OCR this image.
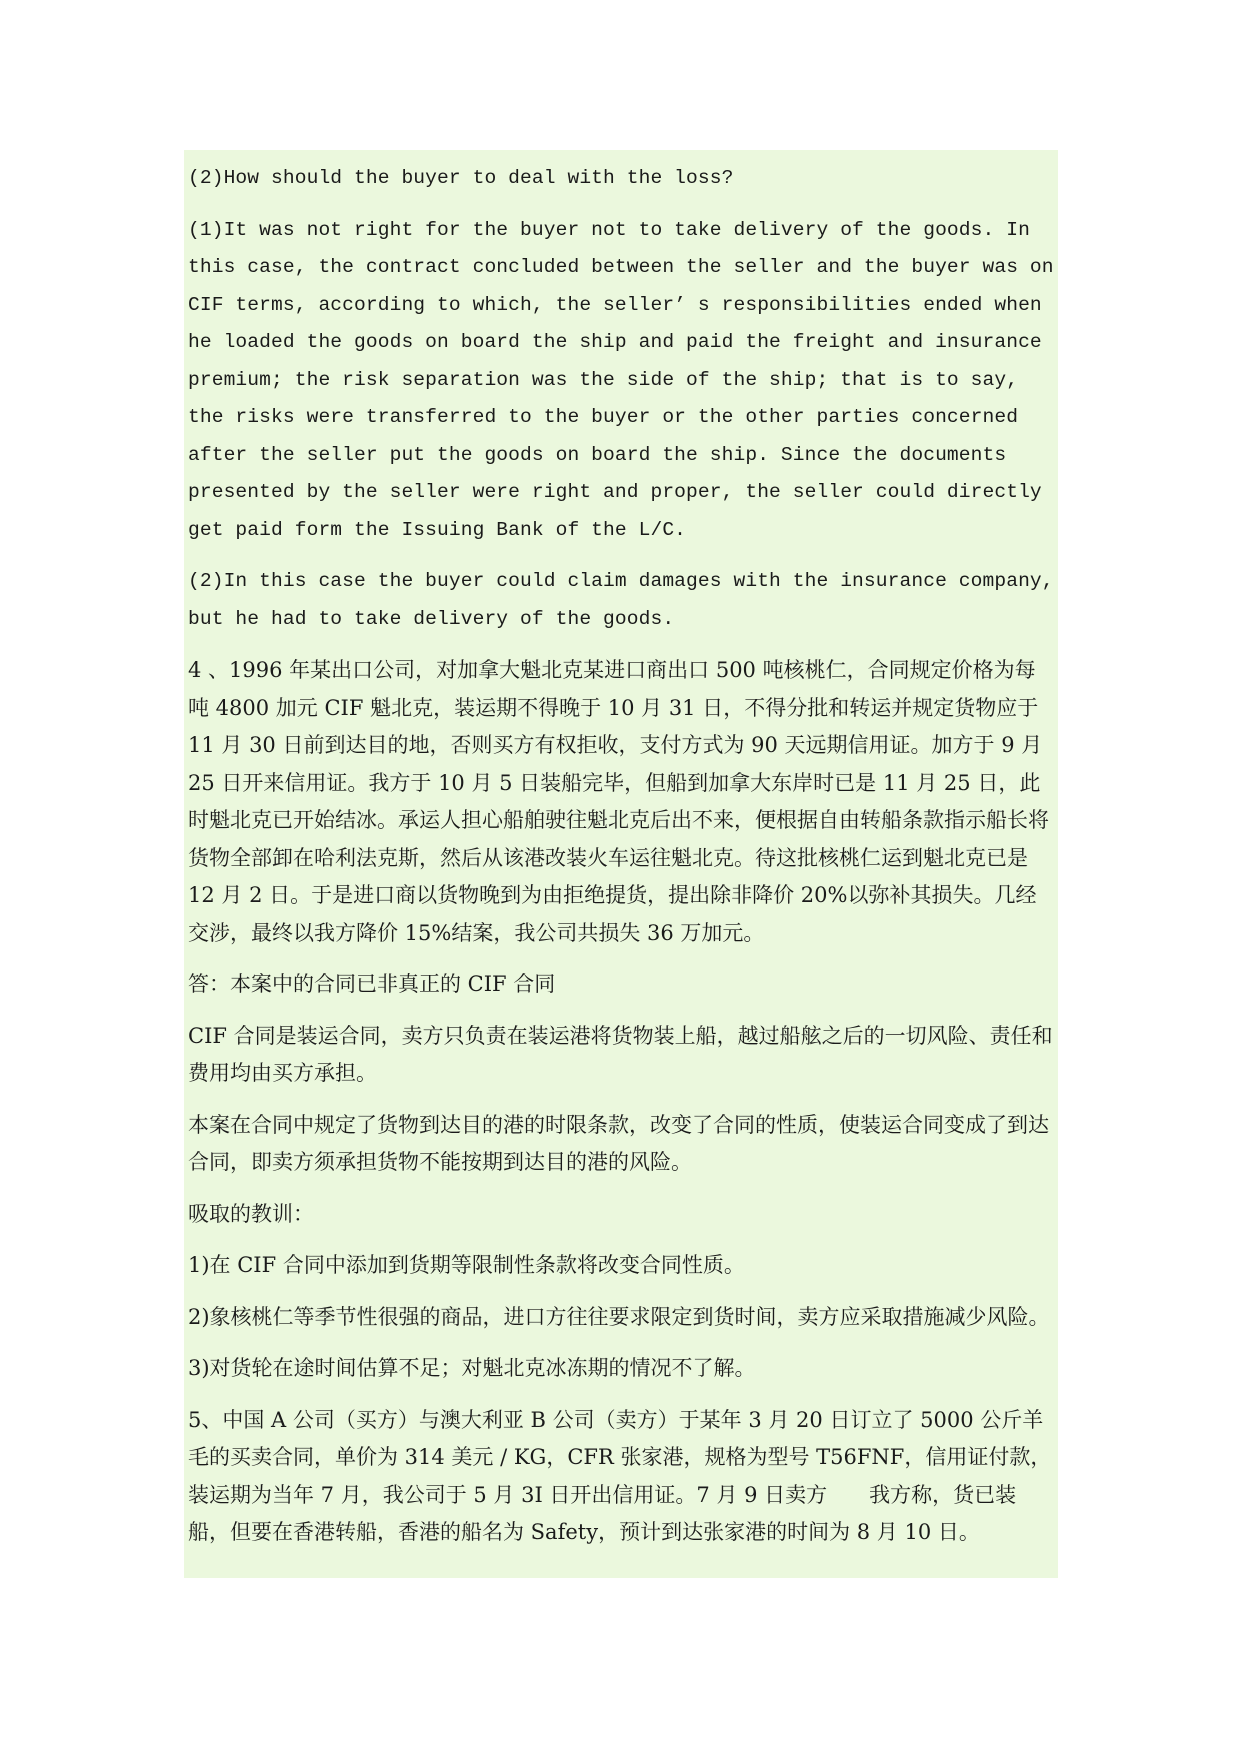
(2)How should the buyer to deal with the loss?

(1)It was not right for the buyer not to take delivery of the goods. In this case, the contract concluded between the seller and the buyer was on CIF terms, according to which, the seller’ s responsibilities ended when he loaded the goods on board the ship and paid the freight and insurance premium; the risk separation was the side of the ship; that is to say, the risks were transferred to the buyer or the other parties concerned after the seller put the goods on board the ship. Since the documents presented by the seller were right and proper, the seller could directly get paid form the Issuing Bank of the L/C.

(2)In this case the buyer could claim damages with the insurance company, but he had to take delivery of the goods.

4 、1996 年某出口公司，对加拿大魁北克某进口商出口 500 吨核桃仁，合同规定价格为每吨 4800 加元 CIF 魁北克，装运期不得晚于 10 月 31 日，不得分批和转运并规定货物应于 11 月 30 日前到达目的地，否则买方有权拒收，支付方式为 90 天远期信用证。加方于 9 月 25 日开来信用证。我方于 10 月 5 日装船完毕，但船到加拿大东岸时已是 11 月 25 日，此时魁北克已开始结冰。承运人担心船舶驶往魁北克后出不来，便根据自由转船条款指示船长将货物全部卸在哈利法克斯，然后从该港改装火车运往魁北克。待这批核桃仁运到魁北克已是 12 月 2 日。于是进口商以货物晚到为由拒绝提货，提出除非降价 20%以弥补其损失。几经交涉，最终以我方降价 15%结案，我公司共损失 36 万加元。

答：本案中的合同已非真正的 CIF 合同

CIF 合同是装运合同，卖方只负责在装运港将货物装上船，越过船舷之后的一切风险、责任和费用均由买方承担。

本案在合同中规定了货物到达目的港的时限条款，改变了合同的性质，使装运合同变成了到达合同，即卖方须承担货物不能按期到达目的港的风险。

吸取的教训：

1)在 CIF 合同中添加到货期等限制性条款将改变合同性质。

2)象核桃仁等季节性很强的商品，进口方往往要求限定到货时间，卖方应采取措施减少风险。

3)对货轮在途时间估算不足；对魁北克冰冻期的情况不了解。

5、中国 A 公司（买方）与澳大利亚 B 公司（卖方）于某年 3 月 20 日订立了 5000 公斤羊毛的买卖合同，单价为 314 美元 / KG，CFR 张家港，规格为型号 T56FNF，信用证付款，装运期为当年 7 月，我公司于 5 月 3I 日开出信用证。7 月 9 日卖方　　我方称，货已装船，但要在香港转船，香港的船名为 Safety，预计到达张家港的时间为 8 月 10 日。
